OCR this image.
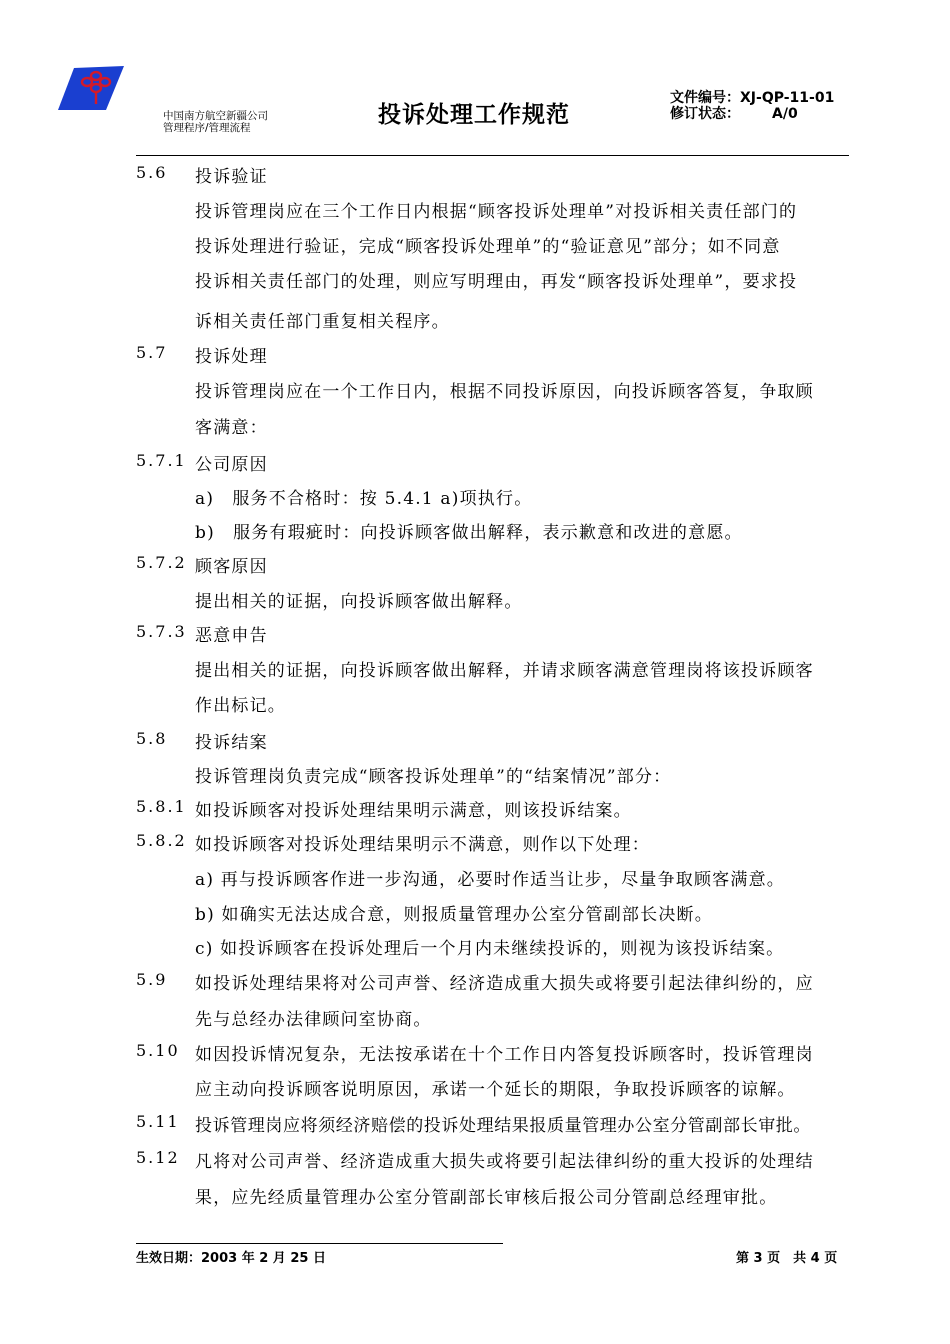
中国南方航空新疆公司
管理程序/管理流程	投诉处理工作规范
文件编号：XJ-QP-11-01
修订状态： A/0
5.6 投诉验证
投诉管理岗应在三个工作日内根据“顾客投诉处理单”对投诉相关责任部门的
投诉处理进行验证，完成“顾客投诉处理单”的“验证意见”部分；如不同意
投诉相关责任部门的处理，则应写明理由，再发“顾客投诉处理单”，要求投
诉相关责任部门重复相关程序。
5.7 投诉处理
投诉管理岗应在一个工作日内，根据不同投诉原因，向投诉顾客答复，争取顾
客满意：
5.7.1 公司原因
a)　服务不合格时：按 5.4.1 a)项执行。
b)　服务有瑕疵时：向投诉顾客做出解释，表示歉意和改进的意愿。
5.7.2 顾客原因
提出相关的证据，向投诉顾客做出解释。
5.7.3 恶意申告
提出相关的证据，向投诉顾客做出解释，并请求顾客满意管理岗将该投诉顾客
作出标记。
5.8 投诉结案
投诉管理岗负责完成“顾客投诉处理单”的“结案情况”部分：
5.8.1 如投诉顾客对投诉处理结果明示满意，则该投诉结案。
5.8.2 如投诉顾客对投诉处理结果明示不满意，则作以下处理：
a) 再与投诉顾客作进一步沟通，必要时作适当让步，尽量争取顾客满意。
b) 如确实无法达成合意，则报质量管理办公室分管副部长决断。
c) 如投诉顾客在投诉处理后一个月内未继续投诉的，则视为该投诉结案。
5.9 如投诉处理结果将对公司声誉、经济造成重大损失或将要引起法律纠纷的，应
先与总经办法律顾问室协商。
5.10 如因投诉情况复杂，无法按承诺在十个工作日内答复投诉顾客时，投诉管理岗
应主动向投诉顾客说明原因，承诺一个延长的期限，争取投诉顾客的谅解。
5.11 投诉管理岗应将须经济赔偿的投诉处理结果报质量管理办公室分管副部长审批。
5.12 凡将对公司声誉、经济造成重大损失或将要引起法律纠纷的重大投诉的处理结
果，应先经质量管理办公室分管副部长审核后报公司分管副总经理审批。
生效日期：2003 年 2 月 25 日	第 3 页　共 4 页
